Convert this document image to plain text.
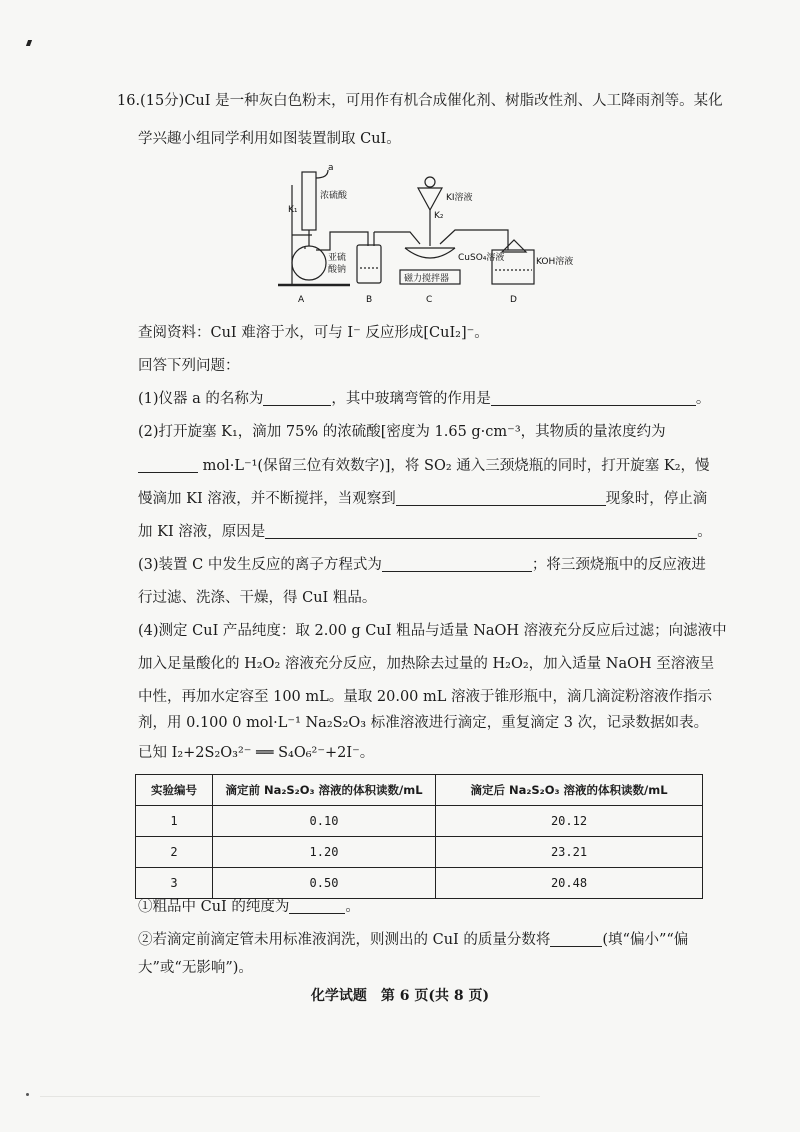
16.(15分)CuI 是一种灰白色粉末，可用作有机合成催化剂、树脂改性剂、人工降雨剂等。某化
学兴趣小组同学利用如图装置制取 CuI。
a
K₁
浓硫酸
亚硫
酸钠
KI溶液
K₂
CuSO₄溶液
磁力搅拌器
KOH溶液
A	B	C	D
查阅资料：CuI 难溶于水，可与 I⁻ 反应形成[CuI₂]⁻。
回答下列问题：
(1)仪器 a 的名称为	，其中玻璃弯管的作用是	。
(2)打开旋塞 K₁，滴加 75% 的浓硫酸[密度为 1.65 g·cm⁻³，其物质的量浓度约为
mol·L⁻¹(保留三位有效数字)]，将 SO₂ 通入三颈烧瓶的同时，打开旋塞 K₂，慢
慢滴加 KI 溶液，并不断搅拌，当观察到	现象时，停止滴
加 KI 溶液，原因是	。
(3)装置 C 中发生反应的离子方程式为	；将三颈烧瓶中的反应液进
行过滤、洗涤、干燥，得 CuI 粗品。
(4)测定 CuI 产品纯度：取 2.00 g CuI 粗品与适量 NaOH 溶液充分反应后过滤；向滤液中
加入足量酸化的 H₂O₂ 溶液充分反应，加热除去过量的 H₂O₂，加入适量 NaOH 至溶液呈
中性，再加水定容至 100 mL。量取 20.00 mL 溶液于锥形瓶中，滴几滴淀粉溶液作指示
剂，用 0.100 0 mol·L⁻¹ Na₂S₂O₃ 标准溶液进行滴定，重复滴定 3 次，记录数据如表。
已知 I₂+2S₂O₃²⁻ ══ S₄O₆²⁻+2I⁻。
实验编号	滴定前 Na₂S₂O₃ 溶液的体积读数/mL	滴定后 Na₂S₂O₃ 溶液的体积读数/mL
1	0.10	20.12
2	1.20	23.21
3	0.50	20.48
①粗品中 CuI 的纯度为	。
②若滴定前滴定管未用标准液润洗，则测出的 CuI 的质量分数将	(填“偏小”“偏
大”或“无影响”)。
化学试题　第 6 页(共 8 页)
